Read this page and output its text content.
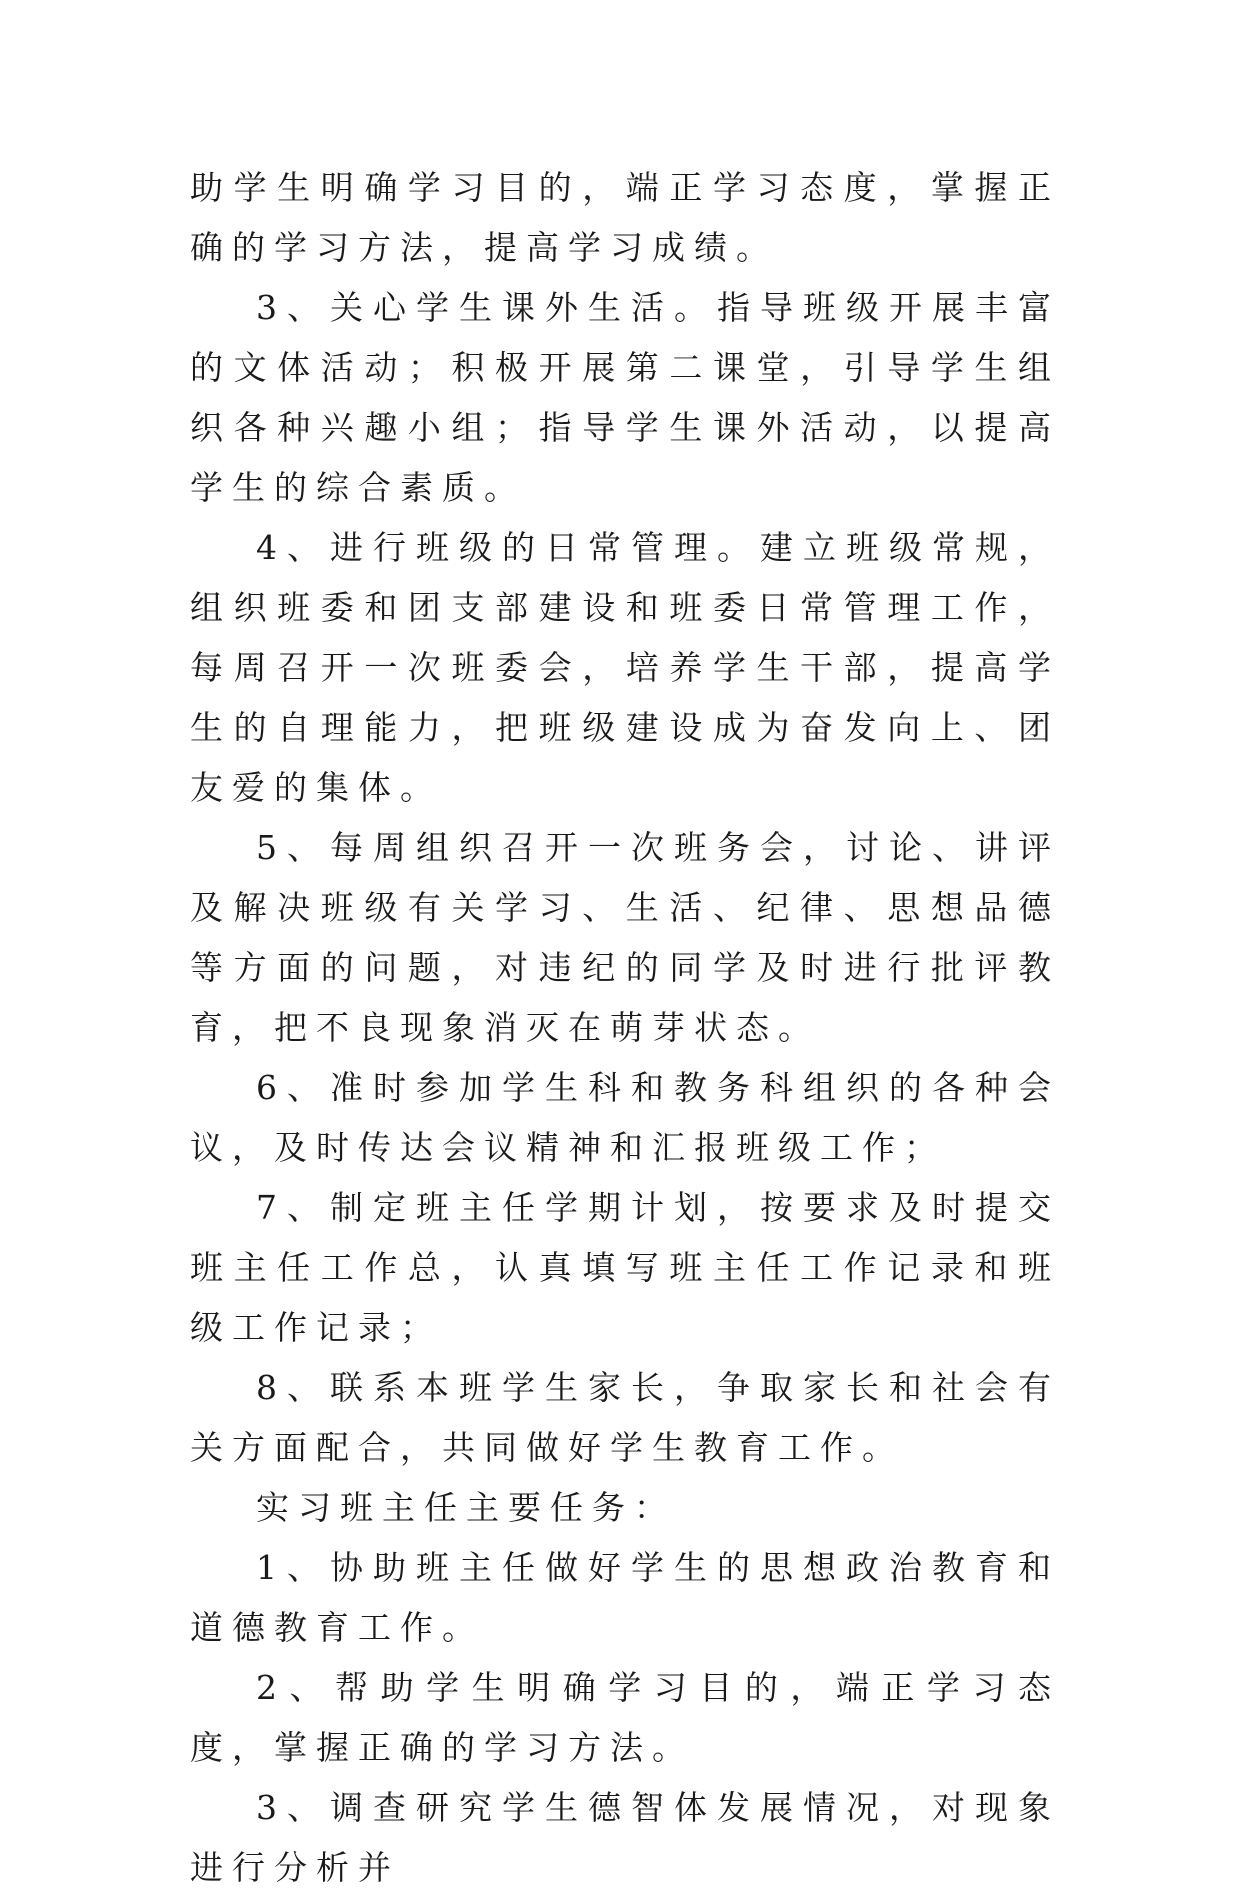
助学生明确学习目的，端正学习态度，掌握正确的学习方法，提高学习成绩。

3、关心学生课外生活。指导班级开展丰富的文体活动；积极开展第二课堂，引导学生组织各种兴趣小组；指导学生课外活动，以提高学生的综合素质。

4、进行班级的日常管理。建立班级常规，组织班委和团支部建设和班委日常管理工作，每周召开一次班委会，培养学生干部，提高学生的自理能力，把班级建设成为奋发向上、团友爱的集体。

5、每周组织召开一次班务会，讨论、讲评及解决班级有关学习、生活、纪律、思想品德等方面的问题，对违纪的同学及时进行批评教育，把不良现象消灭在萌芽状态。

6、准时参加学生科和教务科组织的各种会议，及时传达会议精神和汇报班级工作；

7、制定班主任学期计划，按要求及时提交班主任工作总，认真填写班主任工作记录和班级工作记录；

8、联系本班学生家长，争取家长和社会有关方面配合，共同做好学生教育工作。

实习班主任主要任务：

1、协助班主任做好学生的思想政治教育和道德教育工作。

2、帮助学生明确学习目的，端正学习态度，掌握正确的学习方法。

3、调查研究学生德智体发展情况，对现象进行分析并
